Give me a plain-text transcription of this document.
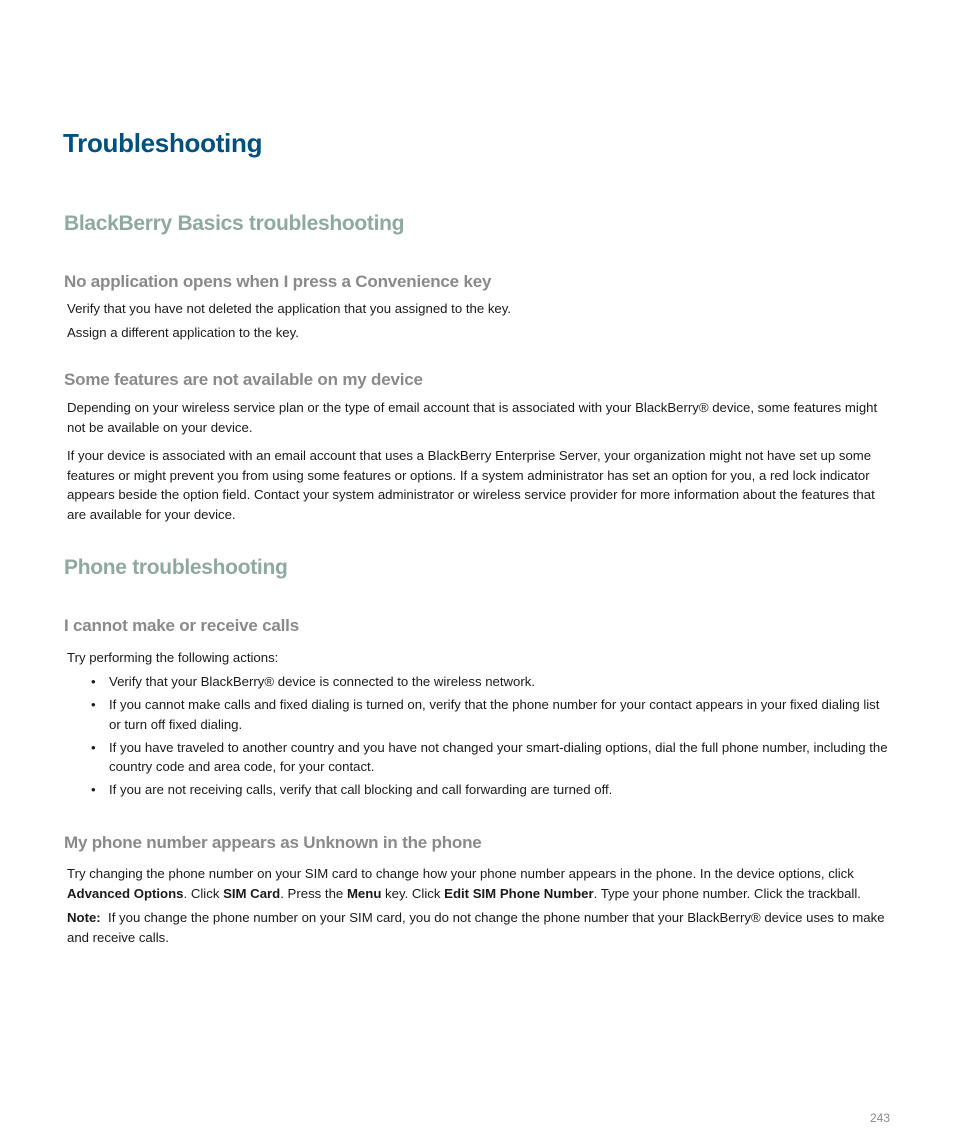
Troubleshooting
BlackBerry Basics troubleshooting
No application opens when I press a Convenience key

Verify that you have not deleted the application that you assigned to the key.

Assign a different application to the key.

Some features are not available on my device

Depending on your wireless service plan or the type of email account that is associated with your BlackBerry® device, some features might not be available on your device.

If your device is associated with an email account that uses a BlackBerry Enterprise Server, your organization might not have set up some features or might prevent you from using some features or options. If a system administrator has set an option for you, a red lock indicator appears beside the option field. Contact your system administrator or wireless service provider for more information about the features that are available for your device.

Phone troubleshooting
I cannot make or receive calls

Try performing the following actions:

• Verify that your BlackBerry® device is connected to the wireless network.
• If you cannot make calls and fixed dialing is turned on, verify that the phone number for your contact appears in your fixed dialing list or turn off fixed dialing.
• If you have traveled to another country and you have not changed your smart-dialing options, dial the full phone number, including the country code and area code, for your contact.
• If you are not receiving calls, verify that call blocking and call forwarding are turned off.
My phone number appears as Unknown in the phone

Try changing the phone number on your SIM card to change how your phone number appears in the phone. In the device options, click Advanced Options. Click SIM Card. Press the Menu key. Click Edit SIM Phone Number. Type your phone number. Click the trackball.

Note: If you change the phone number on your SIM card, you do not change the phone number that your BlackBerry® device uses to make and receive calls.

243
